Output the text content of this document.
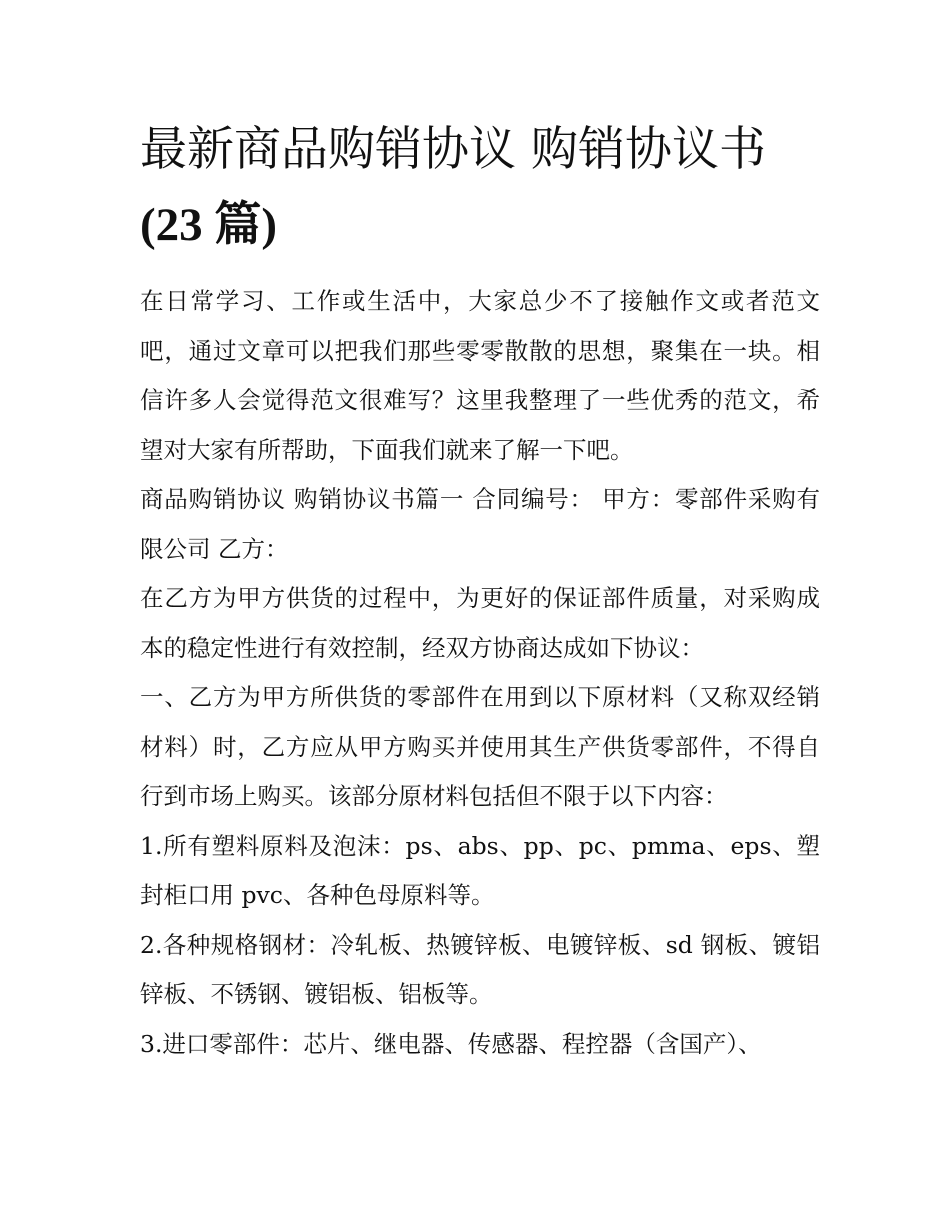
最新商品购销协议 购销协议书
(23 篇)

在日常学习、工作或生活中，大家总少不了接触作文或者范文吧，通过文章可以把我们那些零零散散的思想，聚集在一块。相信许多人会觉得范文很难写？这里我整理了一些优秀的范文，希望对大家有所帮助，下面我们就来了解一下吧。

商品购销协议 购销协议书篇一 合同编号： 甲方：零部件采购有限公司 乙方：

在乙方为甲方供货的过程中，为更好的保证部件质量，对采购成本的稳定性进行有效控制，经双方协商达成如下协议：

一、乙方为甲方所供货的零部件在用到以下原材料（又称双经销材料）时，乙方应从甲方购买并使用其生产供货零部件，不得自行到市场上购买。该部分原材料包括但不限于以下内容：

1.所有塑料原料及泡沫：ps、abs、pp、pc、pmma、eps、塑封柜口用 pvc、各种色母原料等。

2.各种规格钢材：冷轧板、热镀锌板、电镀锌板、sd 钢板、镀铝锌板、不锈钢、镀铝板、铝板等。

3.进口零部件：芯片、继电器、传感器、程控器（含国产）、
